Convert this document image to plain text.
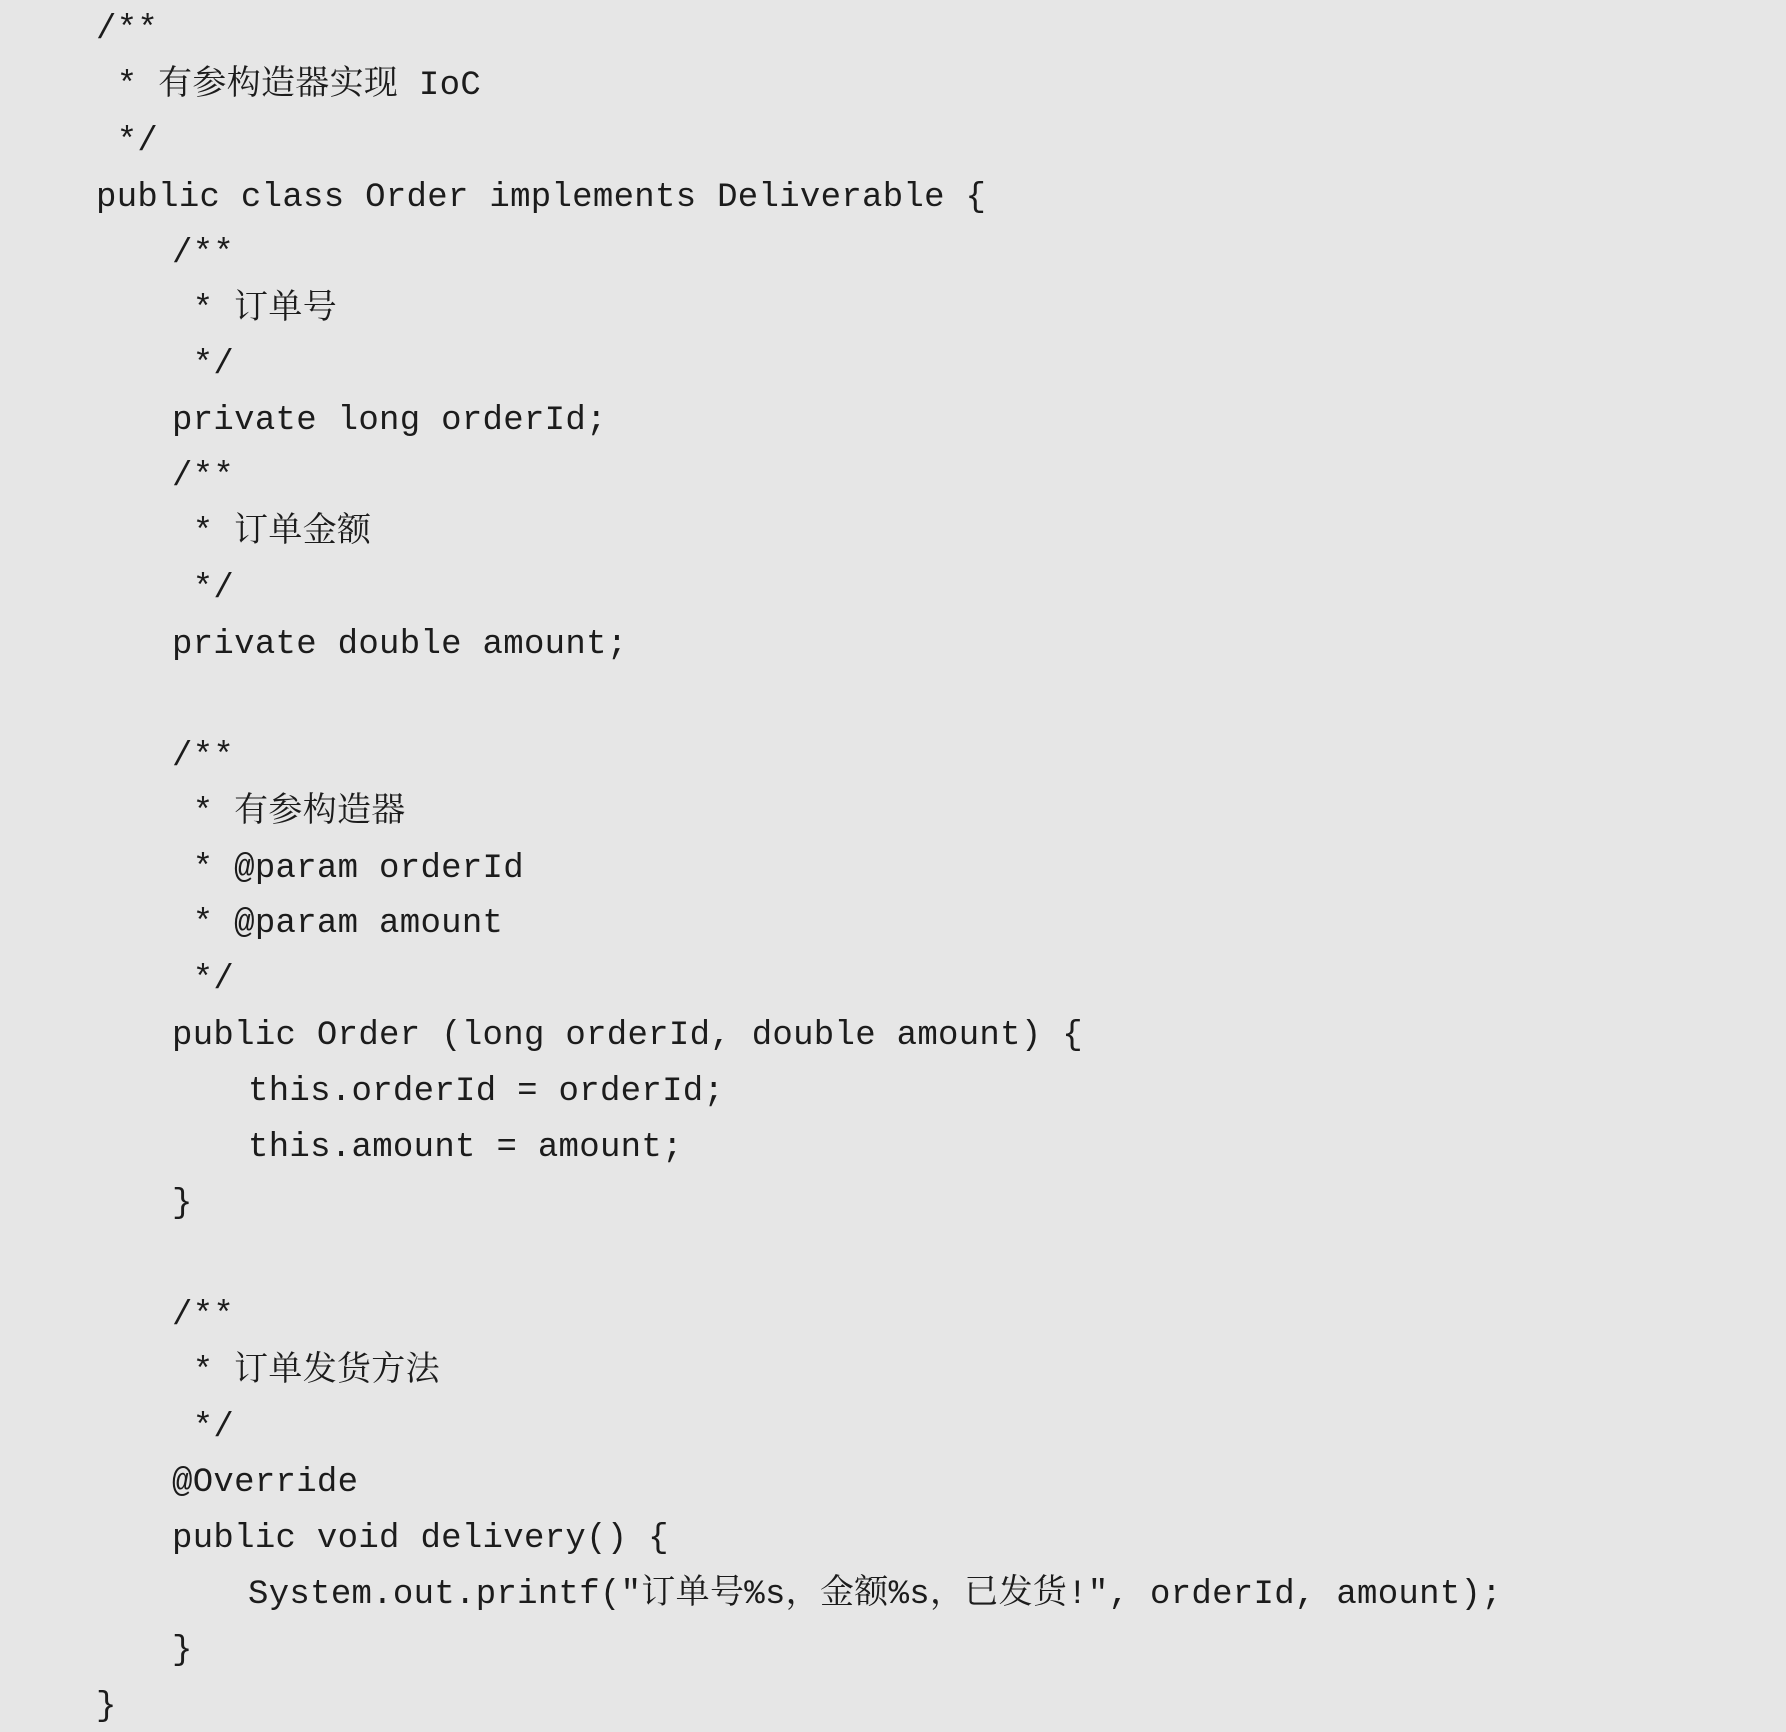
/**
* 有参构造器实现 IoC
*/
public class Order implements Deliverable {
/**
* 订单号
*/
private long orderId;
/**
* 订单金额
*/
private double amount;
/**
* 有参构造器
* @param orderId
* @param amount
*/
public Order (long orderId, double amount) {
this.orderId = orderId;
this.amount = amount;
}
/**
* 订单发货方法
*/
@Override
public void delivery() {
System.out.printf("订单号%s，金额%s，已发货!", orderId, amount);
}
}
